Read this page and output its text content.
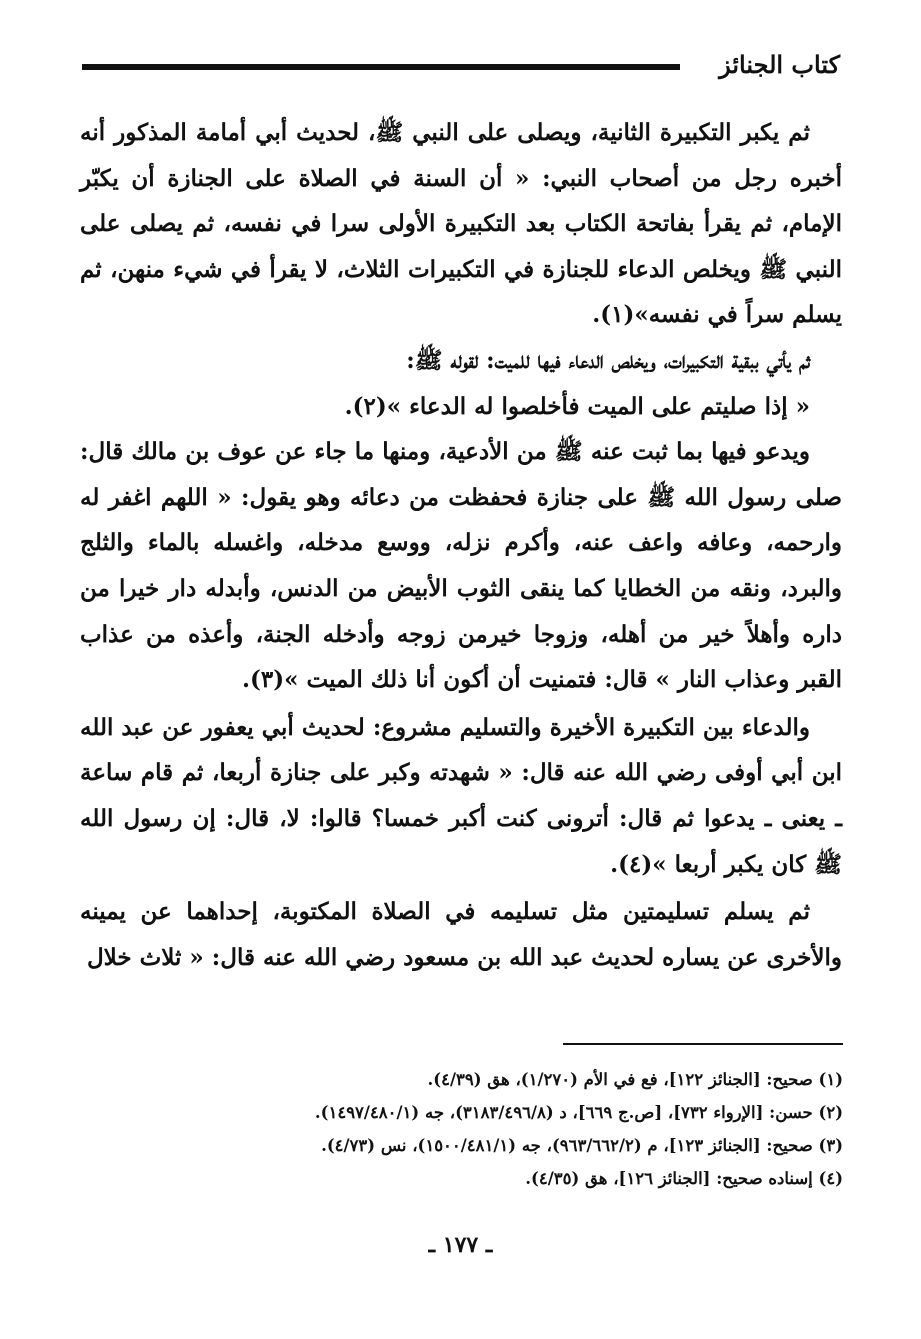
كتاب الجنائز

ثم يكبر التكبيرة الثانية، ويصلى على النبي ﷺ، لحديث أبي أمامة المذكور أنه أخبره رجل من أصحاب النبي: « أن السنة في الصلاة على الجنازة أن يكبّر الإمام، ثم يقرأ بفاتحة الكتاب بعد التكبيرة الأولى سرا في نفسه، ثم يصلى على النبي ﷺ ويخلص الدعاء للجنازة في التكبيرات الثلاث، لا يقرأ في شيء منهن، ثم يسلم سراً في نفسه»(١).

ثم يأتي ببقية التكبيرات، ويخلص الدعاء فيها للميت: لقوله ﷺ:

« إذا صليتم على الميت فأخلصوا له الدعاء »(٢).

ويدعو فيها بما ثبت عنه ﷺ من الأدعية، ومنها ما جاء عن عوف بن مالك قال: صلى رسول الله ﷺ على جنازة فحفظت من دعائه وهو يقول: « اللهم اغفر له وارحمه، وعافه واعف عنه، وأكرم نزله، ووسع مدخله، واغسله بالماء والثلج والبرد، ونقه من الخطايا كما ينقى الثوب الأبيض من الدنس، وأبدله دار خيرا من داره وأهلاً خير من أهله، وزوجا خيرمن زوجه وأدخله الجنة، وأعذه من عذاب القبر وعذاب النار » قال: فتمنيت أن أكون أنا ذلك الميت »(٣).

والدعاء بين التكبيرة الأخيرة والتسليم مشروع: لحديث أبي يعفور عن عبد الله ابن أبي أوفى رضي الله عنه قال: « شهدته وكبر على جنازة أربعا، ثم قام ساعة ـ يعنى ـ يدعوا ثم قال: أترونى كنت أكبر خمسا؟ قالوا: لا، قال: إن رسول الله ﷺ كان يكبر أربعا »(٤).

ثم يسلم تسليمتين مثل تسليمه في الصلاة المكتوبة، إحداهما عن يمينه والأخرى عن يساره لحديث عبد الله بن مسعود رضي الله عنه قال: « ثلاث خلال

(١) صحيح: [الجنائز ١٢٢]، فع في الأم (١/٢٧٠)، هق (٤/٣٩).

(٢) حسن: [الإرواء ٧٣٢]، [ص.ج ٦٦٩]، د (٣١٨٣/٤٩٦/٨)، جه (١٤٩٧/٤٨٠/١).

(٣) صحيح: [الجنائز ١٢٣]، م (٩٦٣/٦٦٢/٢)، جه (١٥٠٠/٤٨١/١)، نس (٤/٧٣).

(٤) إسناده صحيح: [الجنائز ١٢٦]، هق (٤/٣٥).

ـ ١٧٧ ـ
